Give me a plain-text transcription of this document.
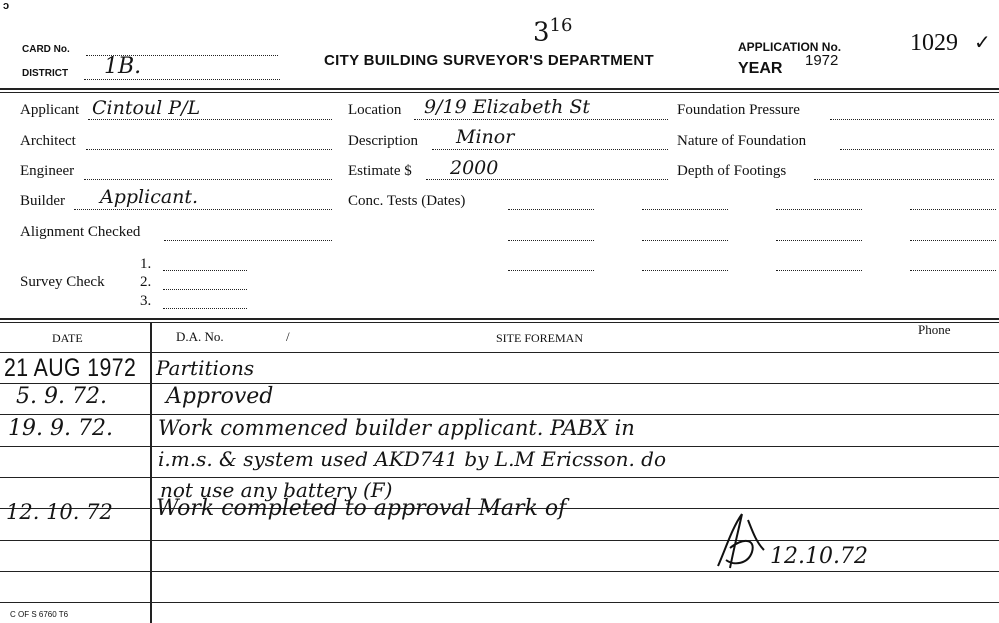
ↄ
CARD No.
DISTRICT 1B.
$3^{16}$
CITY BUILDING SURVEYOR'S DEPARTMENT
APPLICATION No.
YEAR 1972
1029 ✓
Applicant Cintoul P/L
Architect
Engineer
Builder Applicant.
Alignment Checked
Survey Check
1.
2.
3.
Location 9/19 Elizabeth St
Description Minor
Estimate $ 2000
Conc. Tests (Dates)
Foundation Pressure
Nature of Foundation
Depth of Footings
DATE	D.A. No.	/	SITE FOREMAN
Phone
21 AUG 1972 Partitions
5. 9. 72.	Approved
19. 9. 72. Work commenced builder applicant. PABX in
i.m.s. & system used AKD741 by L.M Ericsson. do
not use any battery (F)
12. 10. 72 Work completed to approval Mark of
12.10.72
C OF S 6760 T6
